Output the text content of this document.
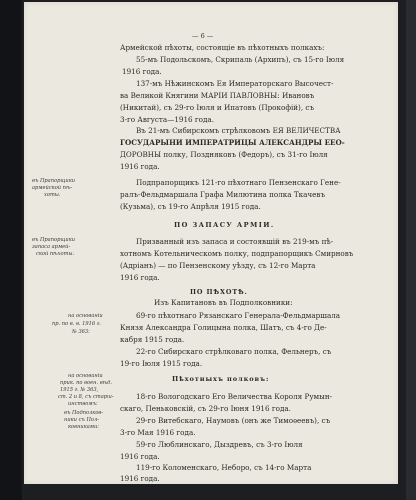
— 6 —
Армейской пѣхоты, состоящіе въ пѣхотныхъ полкахъ:
55-мъ Подольскомъ, Скрипаль (Архипъ), съ 15-го Іюля
1916 года.
137-мъ Нѣжинскомъ Ея Императорскаго Высочест-
ва Великой Княгини МАРІИ ПАВЛОВНЫ: Ивановъ
(Никитай), съ 29-го Іюля и Ипатовъ (Прокофій), съ
3-го Августа—1916 года.
Въ 21-мъ Сибирскомъ стрѣлковомъ ЕЯ ВЕЛИЧЕСТВА
ГОСУДАРЫНИ ИМПЕРАТРИЦЫ АЛЕКСАНДРЫ ЕЕО-
ДОРОВНЫ полку, Поздняковъ (Федоръ), съ 31-го Іюля
1916 года.
въ Прапорщики
армейской пѣ-
хоты.
Подпрапорщикъ 121-го пѣхотнаго Пензенскаго Гене-
ралъ-Фельдмаршала Графа Милютина полка Ткачевъ
(Кузьма), съ 19-го Апрѣля 1915 года.
ПО ЗАПАСУ АРМІИ.
въ Прапорщики
запаса армей-
ской пѣхоты.
Призванный изъ запаса и состоявшій въ 219-мъ пѣ-
хотномъ Котельническомъ полку, подпрапорщикъ Смирновъ
(Адріанъ) — по Пензенскому уѣзду, съ 12-го Марта
1916 года.
ПО ПѢХОТѢ.
Изъ Капитановъ въ Подполковники:
на основаніи
пр. по в. в. 1916 г.
№ 363:
69-го пѣхотнаго Рязанскаго Генерала-Фельдмаршала
Князя Александра Голицына полка, Шатъ, съ 4-го Де-
кабря 1915 года.
22-го Сибирскаго стрѣлковаго полка, Фельнеръ, съ
19-го Іюля 1915 года.
на основаніи
прик. по воен. вѣд.
1915 г. № 363,
ст. 2 и 8, съ старш-
инствомъ:
въ Подполков-
ники съ Пол-
ковниками:
Пѣхотныхъ полковъ:
18-го Вологодскаго Его Величества Короля Румын-
скаго, Пеньковскій, съ 29-го Іюня 1916 года.
29-го Витебскаго, Наумовъ (онъ же Тимоѳеевъ), съ
3-го Мая 1916 года.
59-го Люблинскаго, Дыздревъ, съ 3-го Іюля
1916 года.
119-го Коломенскаго, Неборо, съ 14-го Марта
1916 года.
